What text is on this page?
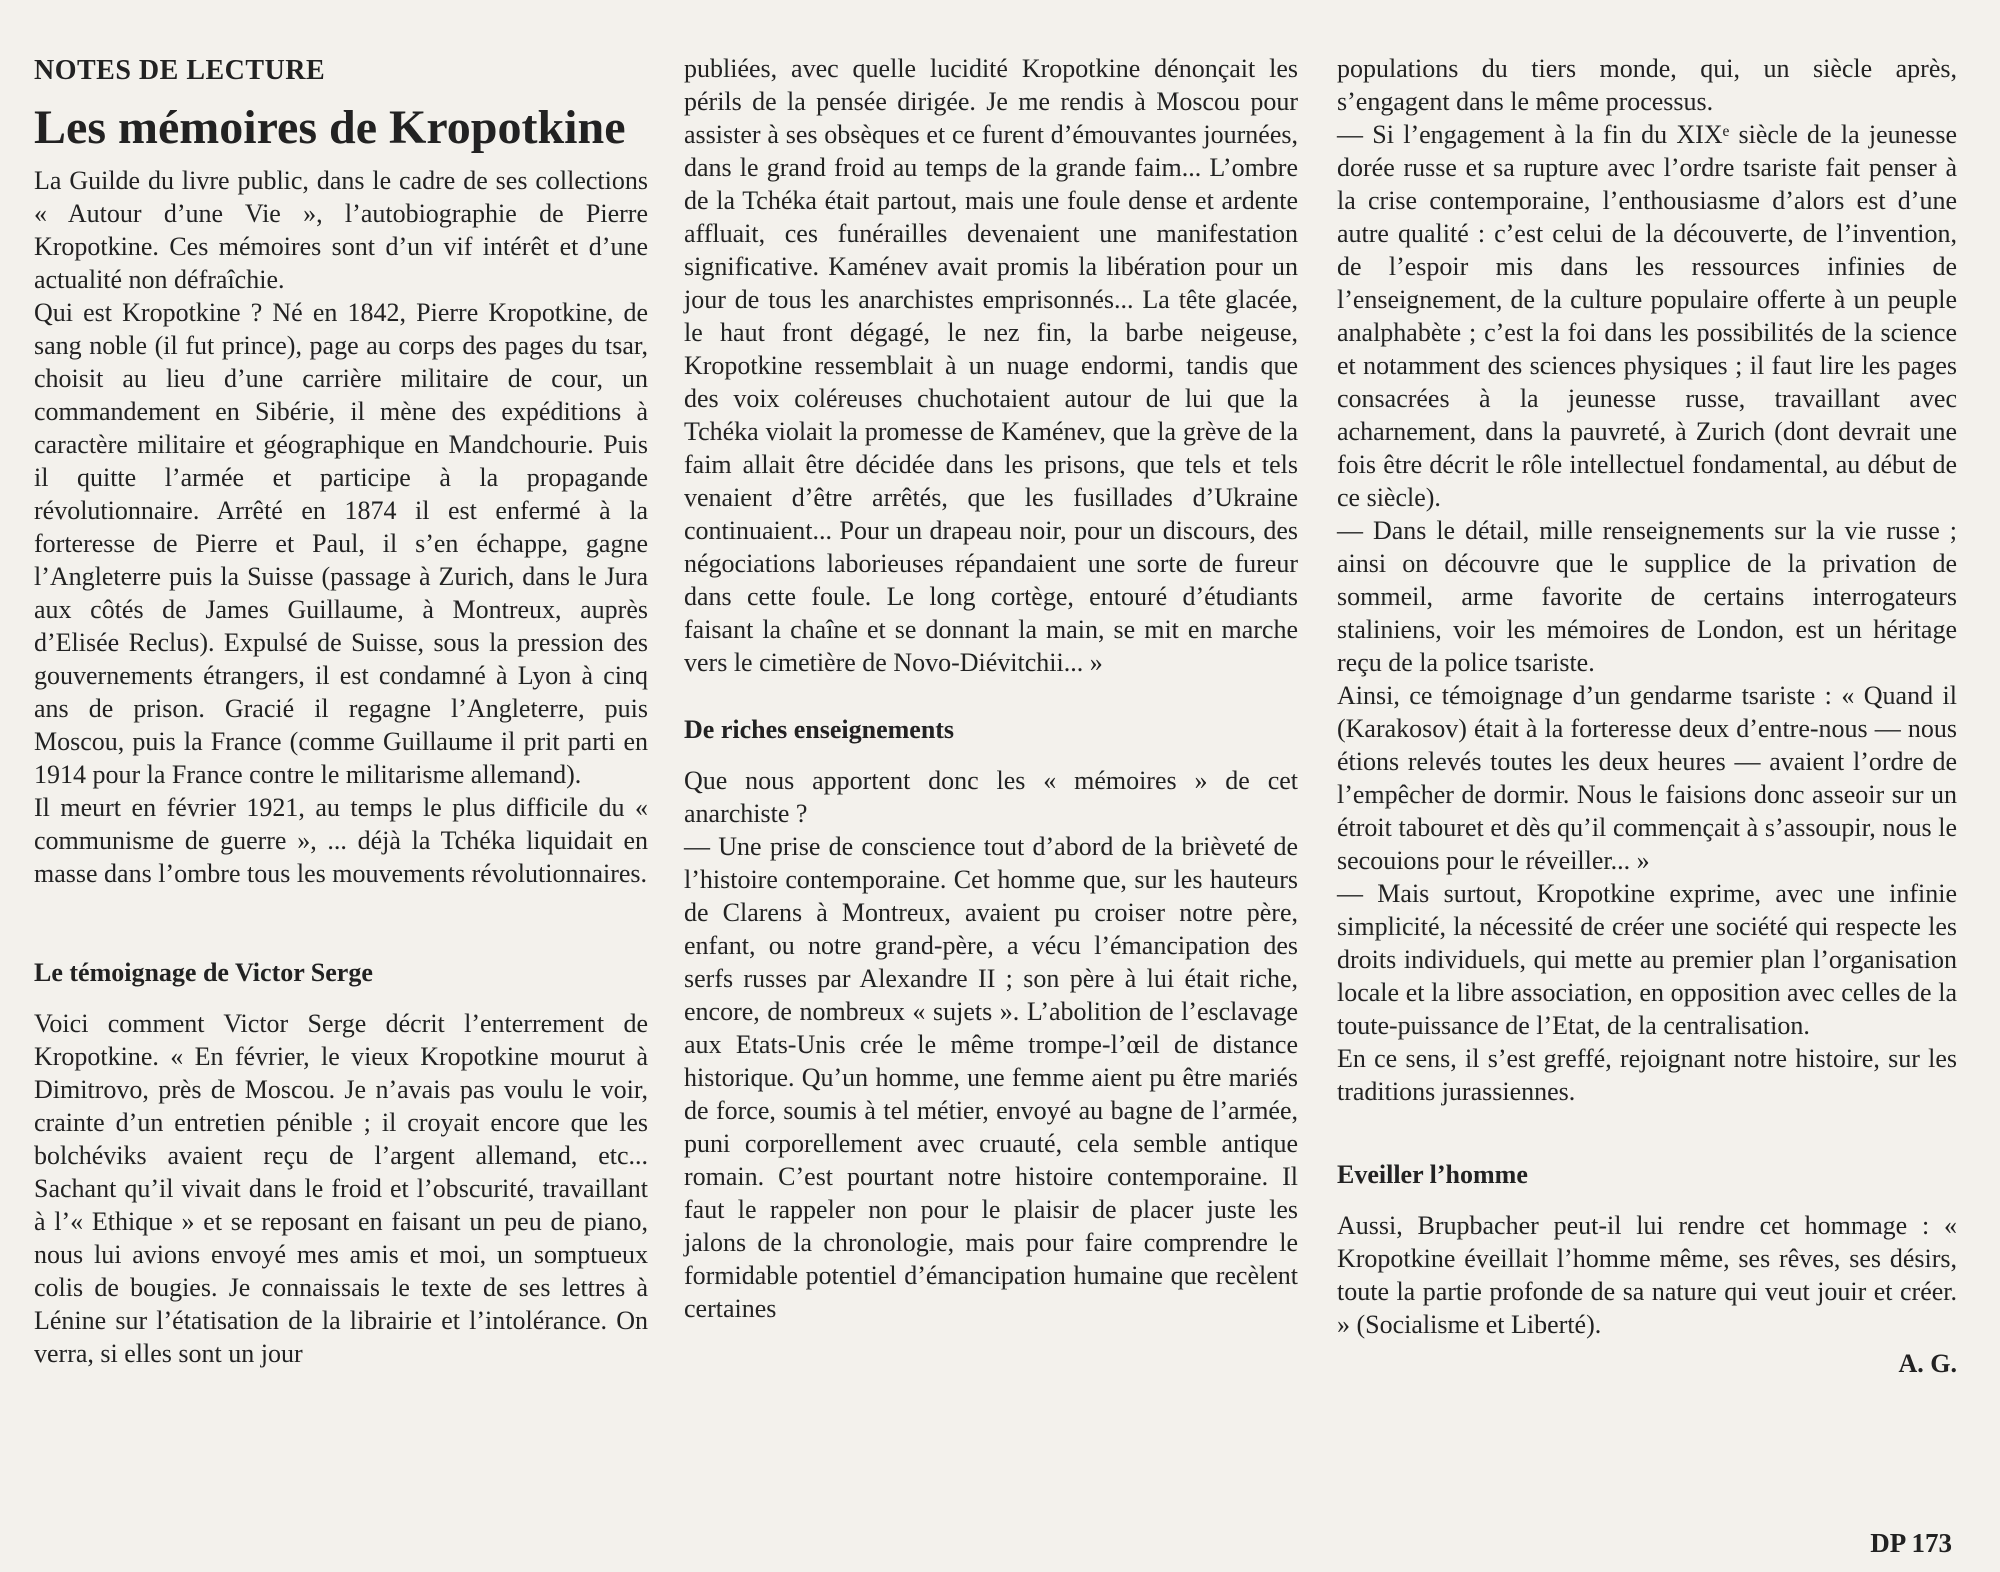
NOTES DE LECTURE
Les mémoires de Kropotkine

La Guilde du livre public, dans le cadre de ses collections « Autour d’une Vie », l’autobiographie de Pierre Kropotkine. Ces mémoires sont d’un vif intérêt et d’une actualité non défraîchie.

Qui est Kropotkine ? Né en 1842, Pierre Kropotkine, de sang noble (il fut prince), page au corps des pages du tsar, choisit au lieu d’une carrière militaire de cour, un commandement en Sibérie, il mène des expéditions à caractère militaire et géographique en Mandchourie. Puis il quitte l’armée et participe à la propagande révolutionnaire. Arrêté en 1874 il est enfermé à la forteresse de Pierre et Paul, il s’en échappe, gagne l’Angleterre puis la Suisse (passage à Zurich, dans le Jura aux côtés de James Guillaume, à Montreux, auprès d’Elisée Reclus). Expulsé de Suisse, sous la pression des gouvernements étrangers, il est condamné à Lyon à cinq ans de prison. Gracié il regagne l’Angleterre, puis Moscou, puis la France (comme Guillaume il prit parti en 1914 pour la France contre le militarisme allemand).

Il meurt en février 1921, au temps le plus difficile du « communisme de guerre », ... déjà la Tchéka liquidait en masse dans l’ombre tous les mouvements révolutionnaires.

Le témoignage de Victor Serge

Voici comment Victor Serge décrit l’enterrement de Kropotkine. « En février, le vieux Kropotkine mourut à Dimitrovo, près de Moscou. Je n’avais pas voulu le voir, crainte d’un entretien pénible ; il croyait encore que les bolchéviks avaient reçu de l’argent allemand, etc... Sachant qu’il vivait dans le froid et l’obscurité, travaillant à l’« Ethique » et se reposant en faisant un peu de piano, nous lui avions envoyé mes amis et moi, un somptueux colis de bougies. Je connaissais le texte de ses lettres à Lénine sur l’étatisation de la librairie et l’intolérance. On verra, si elles sont un jour

publiées, avec quelle lucidité Kropotkine dénonçait les périls de la pensée dirigée. Je me rendis à Moscou pour assister à ses obsèques et ce furent d’émouvantes journées, dans le grand froid au temps de la grande faim... L’ombre de la Tchéka était partout, mais une foule dense et ardente affluait, ces funérailles devenaient une manifestation significative. Kaménev avait promis la libération pour un jour de tous les anarchistes emprisonnés... La tête glacée, le haut front dégagé, le nez fin, la barbe neigeuse, Kropotkine ressemblait à un nuage endormi, tandis que des voix coléreuses chuchotaient autour de lui que la Tchéka violait la promesse de Kaménev, que la grève de la faim allait être décidée dans les prisons, que tels et tels venaient d’être arrêtés, que les fusillades d’Ukraine continuaient... Pour un drapeau noir, pour un discours, des négociations laborieuses répandaient une sorte de fureur dans cette foule. Le long cortège, entouré d’étudiants faisant la chaîne et se donnant la main, se mit en marche vers le cimetière de Novo-Diévitchii... »

De riches enseignements

Que nous apportent donc les « mémoires » de cet anarchiste ?

— Une prise de conscience tout d’abord de la brièveté de l’histoire contemporaine. Cet homme que, sur les hauteurs de Clarens à Montreux, avaient pu croiser notre père, enfant, ou notre grand-père, a vécu l’émancipation des serfs russes par Alexandre II ; son père à lui était riche, encore, de nombreux « sujets ». L’abolition de l’esclavage aux Etats-Unis crée le même trompe-l’œil de distance historique. Qu’un homme, une femme aient pu être mariés de force, soumis à tel métier, envoyé au bagne de l’armée, puni corporellement avec cruauté, cela semble antique romain. C’est pourtant notre histoire contemporaine. Il faut le rappeler non pour le plaisir de placer juste les jalons de la chronologie, mais pour faire comprendre le formidable potentiel d’émancipation humaine que recèlent certaines

populations du tiers monde, qui, un siècle après, s’engagent dans le même processus.

— Si l’engagement à la fin du XIXᵉ siècle de la jeunesse dorée russe et sa rupture avec l’ordre tsariste fait penser à la crise contemporaine, l’enthousiasme d’alors est d’une autre qualité : c’est celui de la découverte, de l’invention, de l’espoir mis dans les ressources infinies de l’enseignement, de la culture populaire offerte à un peuple analphabète ; c’est la foi dans les possibilités de la science et notamment des sciences physiques ; il faut lire les pages consacrées à la jeunesse russe, travaillant avec acharnement, dans la pauvreté, à Zurich (dont devrait une fois être décrit le rôle intellectuel fondamental, au début de ce siècle).

— Dans le détail, mille renseignements sur la vie russe ; ainsi on découvre que le supplice de la privation de sommeil, arme favorite de certains interrogateurs staliniens, voir les mémoires de London, est un héritage reçu de la police tsariste.

Ainsi, ce témoignage d’un gendarme tsariste : « Quand il (Karakosov) était à la forteresse deux d’entre-nous — nous étions relevés toutes les deux heures — avaient l’ordre de l’empêcher de dormir. Nous le faisions donc asseoir sur un étroit tabouret et dès qu’il commençait à s’assoupir, nous le secouions pour le réveiller... »

— Mais surtout, Kropotkine exprime, avec une infinie simplicité, la nécessité de créer une société qui respecte les droits individuels, qui mette au premier plan l’organisation locale et la libre association, en opposition avec celles de la toute-puissance de l’Etat, de la centralisation.

En ce sens, il s’est greffé, rejoignant notre histoire, sur les traditions jurassiennes.

Eveiller l’homme

Aussi, Brupbacher peut-il lui rendre cet hommage : « Kropotkine éveillait l’homme même, ses rêves, ses désirs, toute la partie profonde de sa nature qui veut jouir et créer. » (Socialisme et Liberté).

A. G.

DP 173
